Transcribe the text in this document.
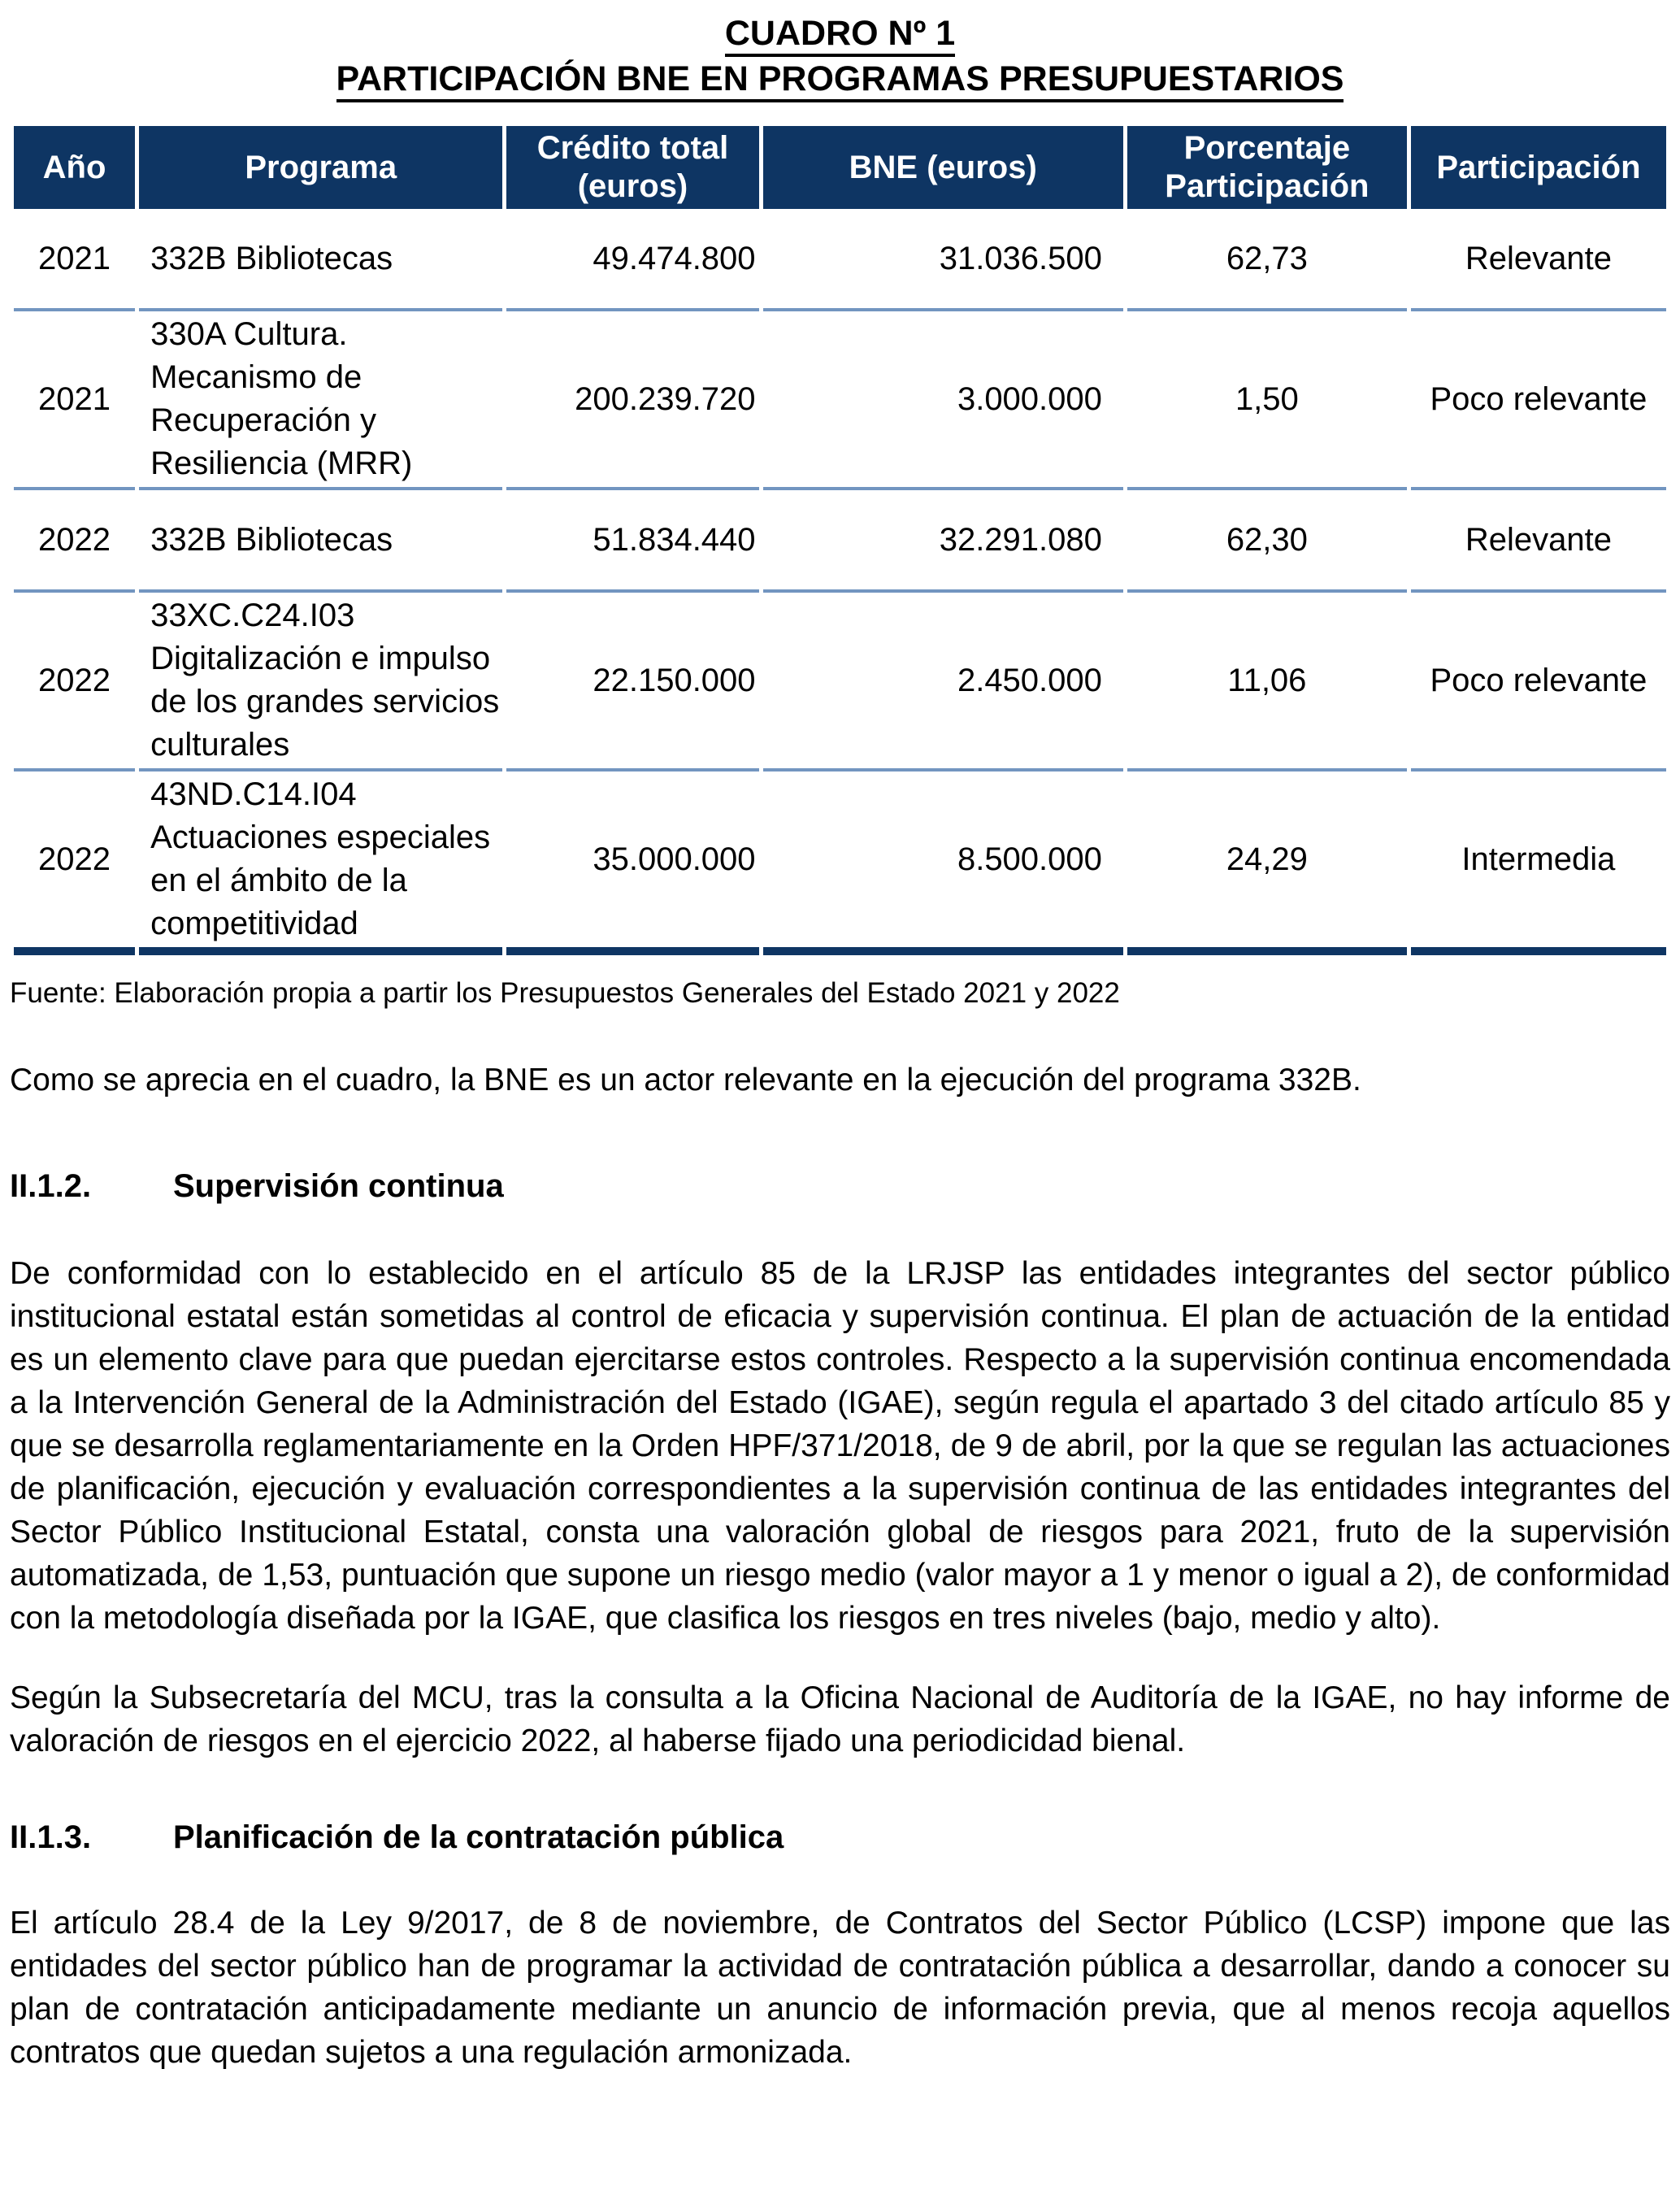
CUADRO Nº 1
PARTICIPACIÓN BNE EN PROGRAMAS PRESUPUESTARIOS
Año	Programa	Crédito total (euros)	BNE (euros)	Porcentaje Participación	Participación
2021	332B Bibliotecas	49.474.800	31.036.500	62,73	Relevante
2021	330A Cultura. Mecanismo de Recuperación y Resiliencia (MRR)	200.239.720	3.000.000	1,50	Poco relevante
2022	332B Bibliotecas	51.834.440	32.291.080	62,30	Relevante
2022	33XC.C24.I03 Digitalización e impulso de los grandes servicios culturales	22.150.000	2.450.000	11,06	Poco relevante
2022	43ND.C14.I04 Actuaciones especiales en el ámbito de la competitividad	35.000.000	8.500.000	24,29	Intermedia

Fuente: Elaboración propia a partir los Presupuestos Generales del Estado 2021 y 2022

Como se aprecia en el cuadro, la BNE es un actor relevante en la ejecución del programa 332B.

II.1.2.	Supervisión continua

De conformidad con lo establecido en el artículo 85 de la LRJSP las entidades integrantes del sector público institucional estatal están sometidas al control de eficacia y supervisión continua. El plan de actuación de la entidad es un elemento clave para que puedan ejercitarse estos controles. Respecto a la supervisión continua encomendada a la Intervención General de la Administración del Estado (IGAE), según regula el apartado 3 del citado artículo 85 y que se desarrolla reglamentariamente en la Orden HPF/371/2018, de 9 de abril, por la que se regulan las actuaciones de planificación, ejecución y evaluación correspondientes a la supervisión continua de las entidades integrantes del Sector Público Institucional Estatal, consta una valoración global de riesgos para 2021, fruto de la supervisión automatizada, de 1,53, puntuación que supone un riesgo medio (valor mayor a 1 y menor o igual a 2), de conformidad con la metodología diseñada por la IGAE, que clasifica los riesgos en tres niveles (bajo, medio y alto).

Según la Subsecretaría del MCU, tras la consulta a la Oficina Nacional de Auditoría de la IGAE, no hay informe de valoración de riesgos en el ejercicio 2022, al haberse fijado una periodicidad bienal.

II.1.3.	Planificación de la contratación pública

El artículo 28.4 de la Ley 9/2017, de 8 de noviembre, de Contratos del Sector Público (LCSP) impone que las entidades del sector público han de programar la actividad de contratación pública a desarrollar, dando a conocer su plan de contratación anticipadamente mediante un anuncio de información previa, que al menos recoja aquellos contratos que quedan sujetos a una regulación armonizada.
